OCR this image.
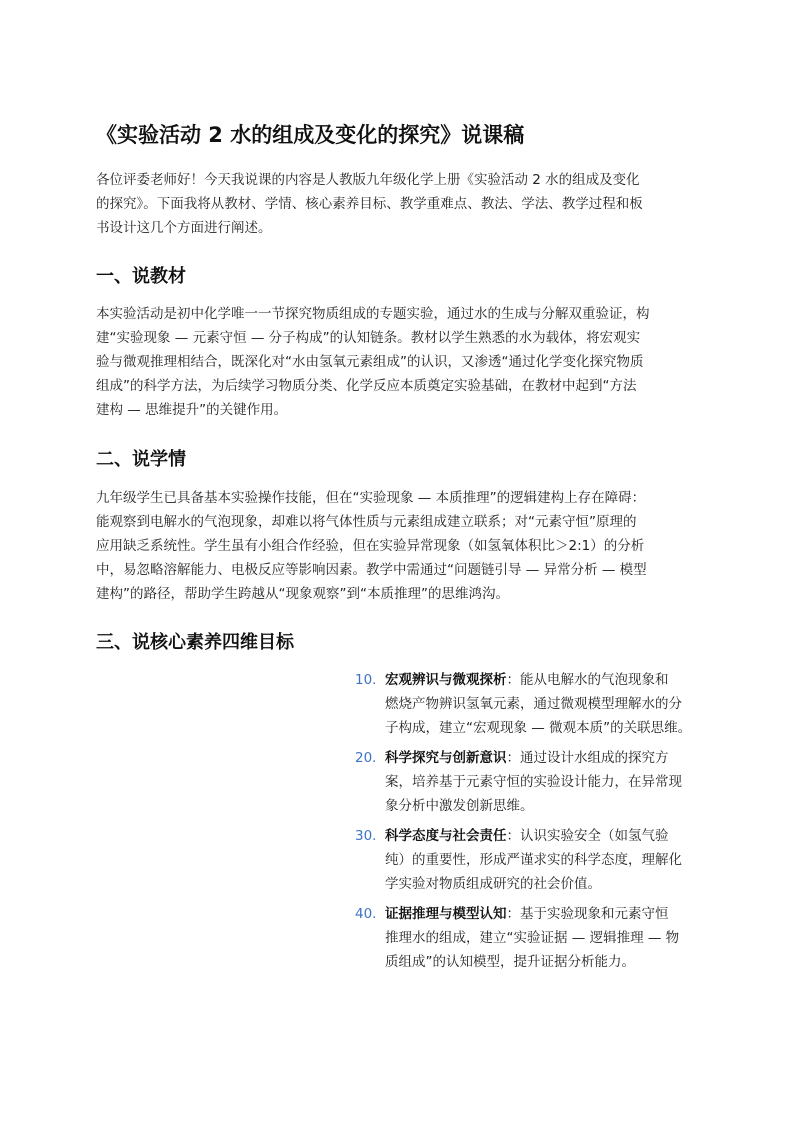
《实验活动 2 水的组成及变化的探究》说课稿

各位评委老师好！今天我说课的内容是人教版九年级化学上册《实验活动 2 水的组成及变化
的探究》。下面我将从教材、学情、核心素养目标、教学重难点、教法、学法、教学过程和板
书设计这几个方面进行阐述。

一、说教材

本实验活动是初中化学唯一一节探究物质组成的专题实验，通过水的生成与分解双重验证，构
建“实验现象 — 元素守恒 — 分子构成”的认知链条。教材以学生熟悉的水为载体，将宏观实
验与微观推理相结合，既深化对“水由氢氧元素组成”的认识，又渗透“通过化学变化探究物质
组成”的科学方法，为后续学习物质分类、化学反应本质奠定实验基础，在教材中起到“方法
建构 — 思维提升”的关键作用。

二、说学情

九年级学生已具备基本实验操作技能，但在“实验现象 — 本质推理”的逻辑建构上存在障碍：
能观察到电解水的气泡现象，却难以将气体性质与元素组成建立联系；对“元素守恒”原理的
应用缺乏系统性。学生虽有小组合作经验，但在实验异常现象（如氢氧体积比＞2:1）的分析
中，易忽略溶解能力、电极反应等影响因素。教学中需通过“问题链引导 — 异常分析 — 模型
建构”的路径，帮助学生跨越从“现象观察”到“本质推理”的思维鸿沟。

三、说核心素养四维目标
10. 宏观辨识与微观探析：能从电解水的气泡现象和
燃烧产物辨识氢氧元素，通过微观模型理解水的分
子构成，建立“宏观现象 — 微观本质”的关联思维。
20. 科学探究与创新意识：通过设计水组成的探究方
案，培养基于元素守恒的实验设计能力，在异常现
象分析中激发创新思维。
30. 科学态度与社会责任：认识实验安全（如氢气验
纯）的重要性，形成严谨求实的科学态度，理解化
学实验对物质组成研究的社会价值。
40. 证据推理与模型认知：基于实验现象和元素守恒
推理水的组成，建立“实验证据 — 逻辑推理 — 物
质组成”的认知模型，提升证据分析能力。
